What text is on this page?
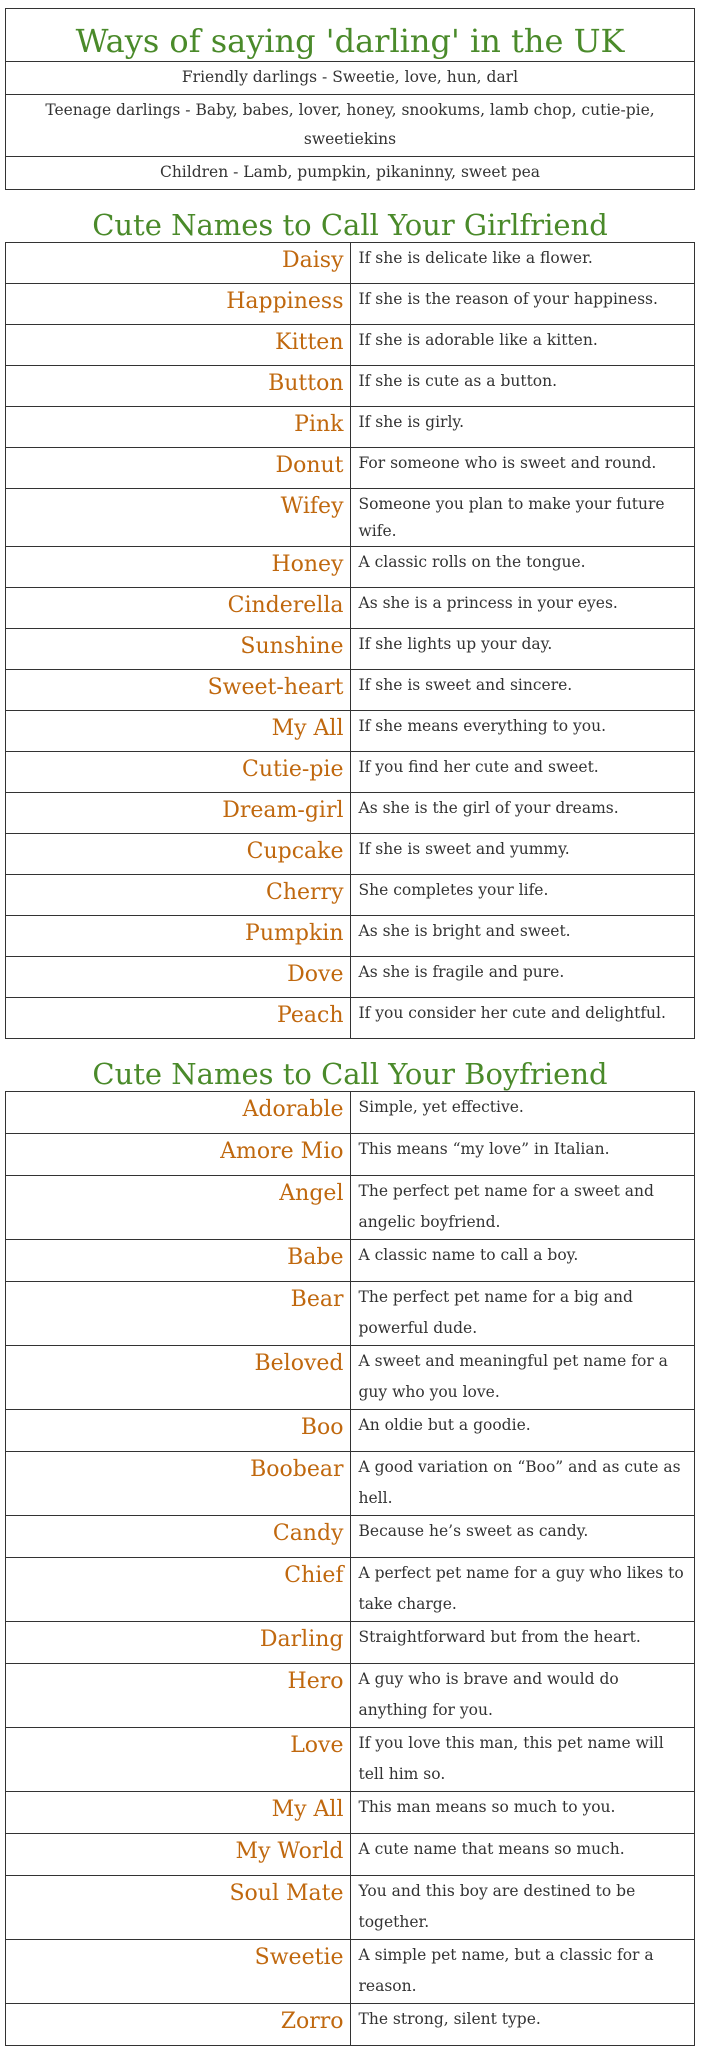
Ways of saying 'darling' in the UK
Friendly darlings - Sweetie, love, hun, darl
Teenage darlings - Baby, babes, lover, honey, snookums, lamb chop, cutie-pie, sweetiekins
Children - Lamb, pumpkin, pikaninny, sweet pea
Cute Names to Call Your Girlfriend	
Daisy	If she is delicate like a flower.
Happiness	If she is the reason of your happiness.
Kitten	If she is adorable like a kitten.
Button	If she is cute as a button.
Pink	If she is girly.
Donut	For someone who is sweet and round.
Wifey	Someone you plan to make your future wife.
Honey	A classic rolls on the tongue.
Cinderella	As she is a princess in your eyes.
Sunshine	If she lights up your day.
Sweet-heart	If she is sweet and sincere.
My All	If she means everything to you.
Cutie-pie	If you find her cute and sweet.
Dream-girl	As she is the girl of your dreams.
Cupcake	If she is sweet and yummy.
Cherry	She completes your life.
Pumpkin	As she is bright and sweet.
Dove	As she is fragile and pure.
Peach	If you consider her cute and delightful.
Cute Names to Call Your Boyfriend	
Adorable	Simple, yet effective.
Amore Mio	This means “my love” in Italian.
Angel	The perfect pet name for a sweet and angelic boyfriend.
Babe	A classic name to call a boy.
Bear	The perfect pet name for a big and powerful dude.
Beloved	A sweet and meaningful pet name for a guy who you love.
Boo	An oldie but a goodie.
Boobear	A good variation on “Boo” and as cute as hell.
Candy	Because he’s sweet as candy.
Chief	A perfect pet name for a guy who likes to take charge.
Darling	Straightforward but from the heart.
Hero	A guy who is brave and would do anything for you.
Love	If you love this man, this pet name will tell him so.
My All	This man means so much to you.
My World	A cute name that means so much.
Soul Mate	You and this boy are destined to be together.
Sweetie	A simple pet name, but a classic for a reason.
Zorro	The strong, silent type.
